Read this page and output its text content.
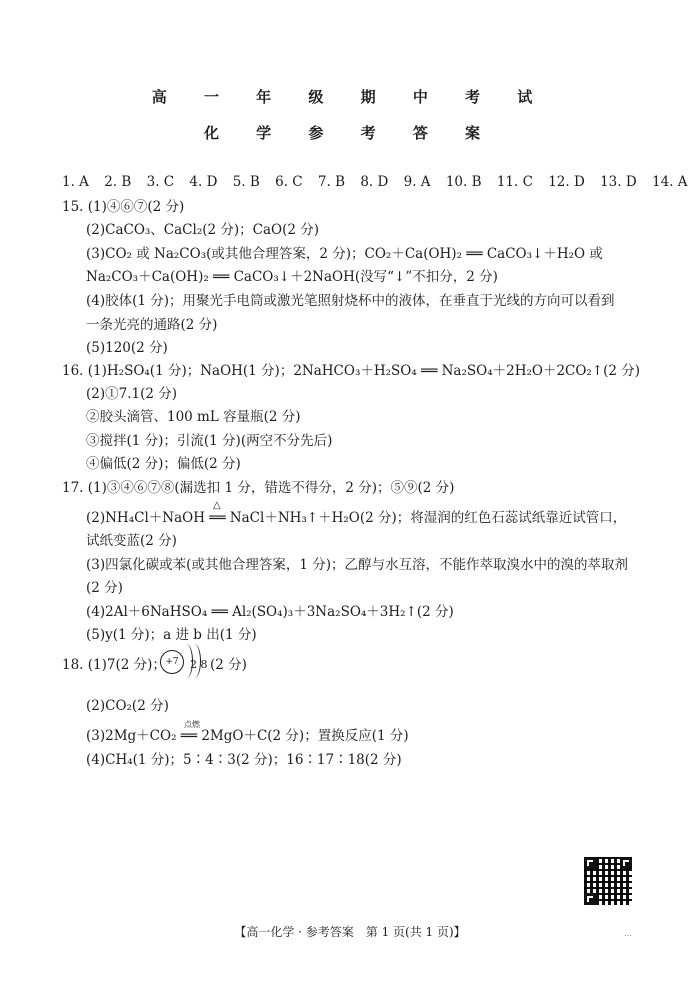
高 一 年 级 期 中 考 试
化 学 参 考 答 案
1. A 2. B 3. C 4. D 5. B 6. C 7. B 8. D 9. A 10. B 11. C 12. D 13. D 14. A
15. (1)④⑥⑦(2 分)
(2)CaCO₃、CaCl₂(2 分)；CaO(2 分)
(3)CO₂ 或 Na₂CO₃(或其他合理答案，2 分)；CO₂＋Ca(OH)₂ ══ CaCO₃↓＋H₂O 或
Na₂CO₃＋Ca(OH)₂ ══ CaCO₃↓＋2NaOH(没写“↓”不扣分，2 分)
(4)胶体(1 分)；用聚光手电筒或激光笔照射烧杯中的液体，在垂直于光线的方向可以看到
一条光亮的通路(2 分)
(5)120(2 分)
16. (1)H₂SO₄(1 分)；NaOH(1 分)；2NaHCO₃＋H₂SO₄ ══ Na₂SO₄＋2H₂O＋2CO₂↑(2 分)
(2)①7.1(2 分)
②胶头滴管、100 mL 容量瓶(2 分)
③搅拌(1 分)；引流(1 分)(两空不分先后)
④偏低(2 分)；偏低(2 分)
17. (1)③④⑥⑦⑧(漏选扣 1 分，错选不得分，2 分)；⑤⑨(2 分)
△
(2)NH₄Cl＋NaOH ══ NaCl＋NH₃↑＋H₂O(2 分)；将湿润的红色石蕊试纸靠近试管口，
试纸变蓝(2 分)
(3)四氯化碳或苯(或其他合理答案，1 分)；乙醇与水互溶，不能作萃取溴水中的溴的萃取剂
(2 分)
(4)2Al＋6NaHSO₄ ══ Al₂(SO₄)₃＋3Na₂SO₄＋3H₂↑(2 分)
(5)y(1 分)；a 进 b 出(1 分)
18. (1)7(2 分)； +7	2 8 (2 分)
(2)CO₂(2 分)
点燃
(3)2Mg＋CO₂ ══ 2MgO＋C(2 分)；置换反应(1 分)
(4)CH₄(1 分)；5∶4∶3(2 分)；16∶17∶18(2 分)
【高一化学 · 参考答案　第 1 页(共 1 页)】	…
